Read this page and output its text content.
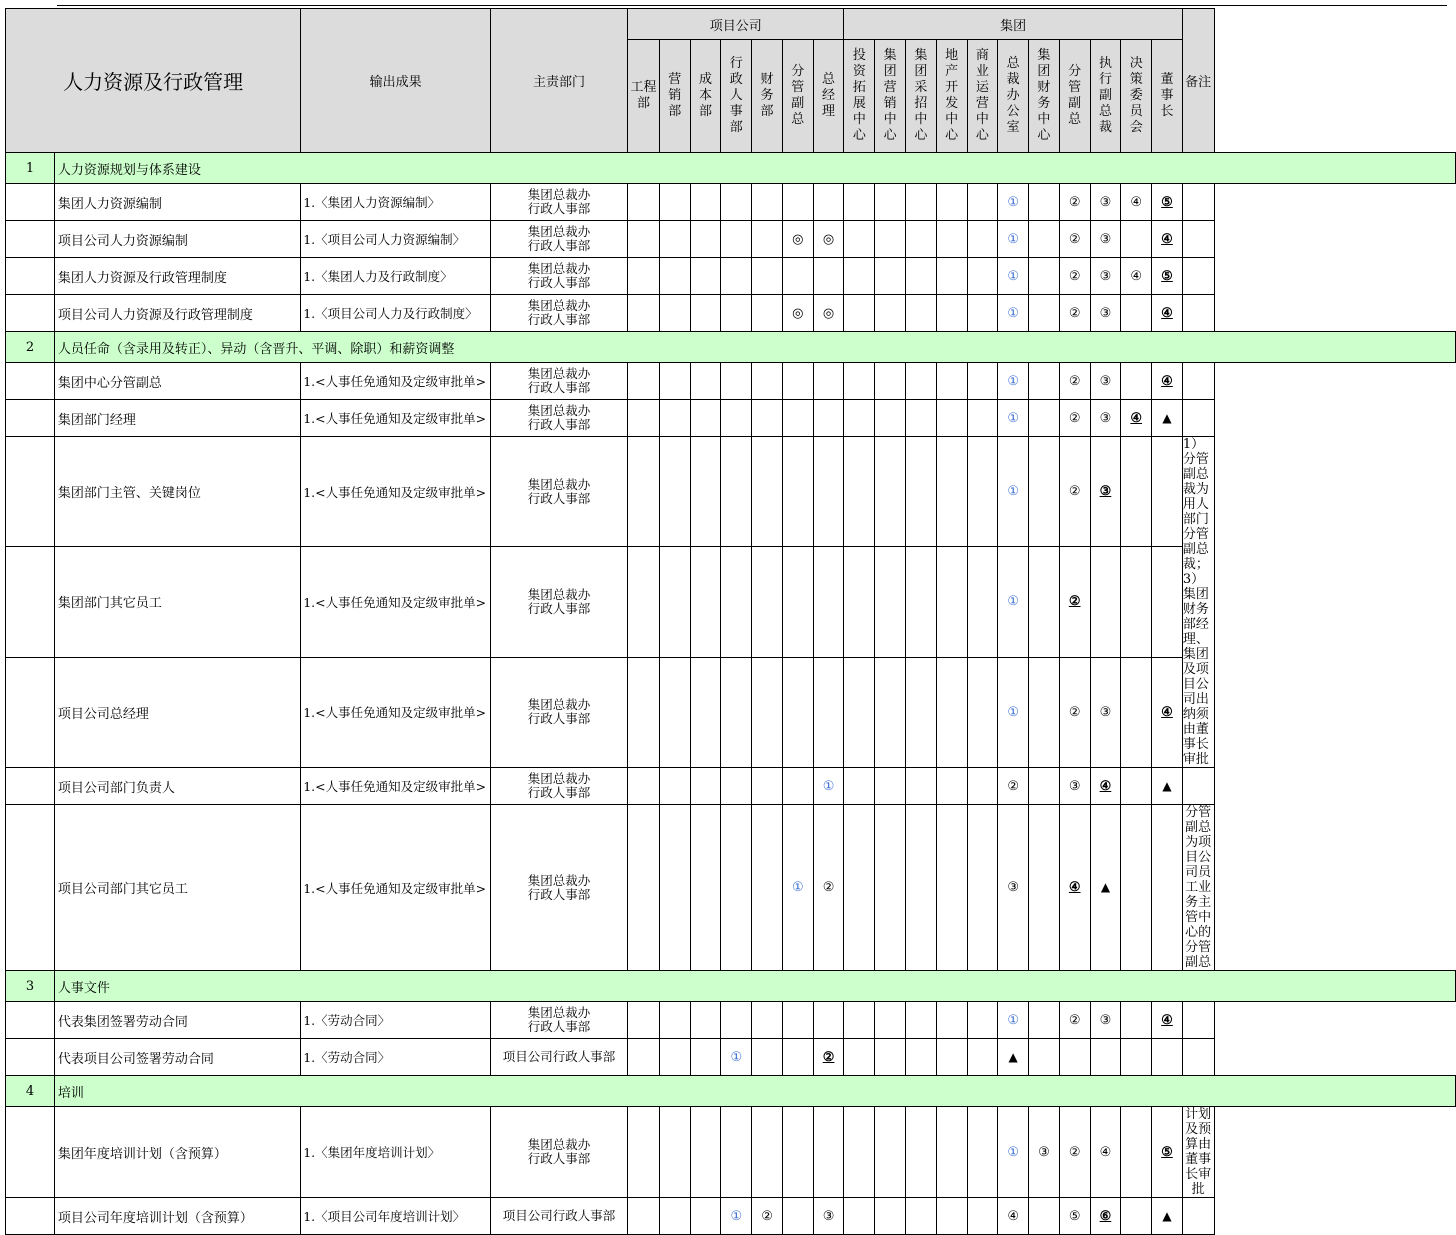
人力资源及行政管理		输出成果	主责部门	项目公司							集团											备注
				工程部	营销部	成本部	行政人事部	财务部	分管副总	总经理	投资拓展中心	集团营销中心	集团采招中心	地产开发中心	商业运营中心	总裁办公室	集团财务中心	分管副总	执行副总裁	决策委员会	董事长	
1	人力资源规划与体系建设																					
	集团人力资源编制	1.〈集团人力资源编制〉	集团总裁办
行政人事部													①		②	③	④	⑤	
	项目公司人力资源编制	1.〈项目公司人力资源编制〉	集团总裁办
行政人事部						◎	◎						①		②	③		④	
	集团人力资源及行政管理制度	1.〈集团人力及行政制度〉	集团总裁办
行政人事部													①		②	③	④	⑤	
	项目公司人力资源及行政管理制度	1.〈项目公司人力及行政制度〉	集团总裁办
行政人事部						◎	◎						①		②	③		④	
2	人员任命（含录用及转正）、异动（含晋升、平调、除职）和薪资调整																					
	集团中心分管副总	1.<人事任免通知及定级审批单>	集团总裁办
行政人事部													①		②	③		④	
	集团部门经理	1.<人事任免通知及定级审批单>	集团总裁办
行政人事部													①		②	③	④	▲	
	集团部门主管、关键岗位	1.<人事任免通知及定级审批单>	集团总裁办
行政人事部													①		②	③			1）分管副总裁为用人部门分管副总裁；
3）集团财务部经理、集团及项目公司出纳须由董事长审批
	集团部门其它员工	1.<人事任免通知及定级审批单>	集团总裁办
行政人事部													①		②				
	项目公司总经理	1.<人事任免通知及定级审批单>	集团总裁办
行政人事部													①		②	③		④	
	项目公司部门负责人	1.<人事任免通知及定级审批单>	集团总裁办
行政人事部							①						②		③	④		▲	
	项目公司部门其它员工	1.<人事任免通知及定级审批单>	集团总裁办
行政人事部						①	②						③		④	▲			分管副总为项目公司员工业务主管中心的分管副总
3	人事文件																					
	代表集团签署劳动合同	1.〈劳动合同〉	集团总裁办
行政人事部													①		②	③		④	
	代表项目公司签署劳动合同	1.〈劳动合同〉	项目公司行政人事部				①			②						▲						
4	培训																					
	集团年度培训计划（含预算）	1.〈集团年度培训计划〉	集团总裁办
行政人事部													①	③	②	④		⑤	计划及预算由董事长审批
	项目公司年度培训计划（含预算）	1.〈项目公司年度培训计划〉	项目公司行政人事部				①	②		③						④		⑤	⑥		▲	
